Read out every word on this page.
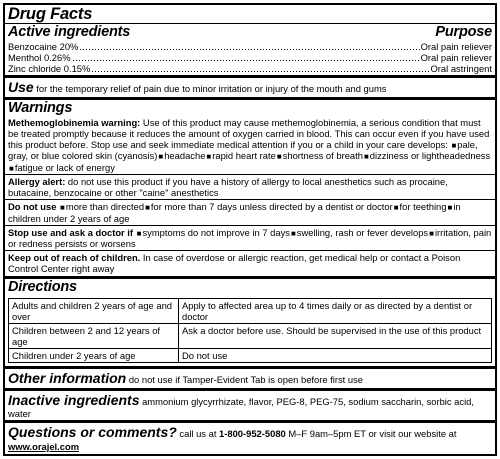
Drug Facts
Active ingredients	Purpose
Benzocaine 20%	Oral pain reliever
Menthol 0.26%	Oral pain reliever
Zinc chloride 0.15%	Oral astringent
Use for the temporary relief of pain due to minor irritation or injury of the mouth and gums
Warnings

Methemoglobinemia warning: Use of this product may cause methemoglobinemia, a serious condition that must be treated promptly because it reduces the amount of oxygen carried in blood. This can occur even if you have used this product before. Stop use and seek immediate medical attention if you or a child in your care develops: ■pale, gray, or blue colored skin (cyanosis)■headache■rapid heart rate■shortness of breath■dizziness or lightheadedness■fatigue or lack of energy

Allergy alert: do not use this product if you have a history of allergy to local anesthetics such as procaine, butacaine, benzocaine or other "caine" anesthetics
Do not use ■more than directed■for more than 7 days unless directed by a dentist or doctor■for teething■in children under 2 years of age
Stop use and ask a doctor if ■symptoms do not improve in 7 days■swelling, rash or fever develops■irritation, pain or redness persists or worsens
Keep out of reach of children. In case of overdose or allergic reaction, get medical help or contact a Poison Control Center right away
Directions
Adults and children 2 years of age and over	Apply to affected area up to 4 times daily or as directed by a dentist or doctor
Children between 2 and 12 years of age	Ask a doctor before use. Should be supervised in the use of this product
Children under 2 years of age	Do not use
Other information do not use if Tamper-Evident Tab is open before first use
Inactive ingredients ammonium glycyrrhizate, flavor, PEG-8, PEG-75, sodium saccharin, sorbic acid, water
Questions or comments? call us at 1-800-952-5080 M–F 9am–5pm ET or visit our website at www.orajel.com
